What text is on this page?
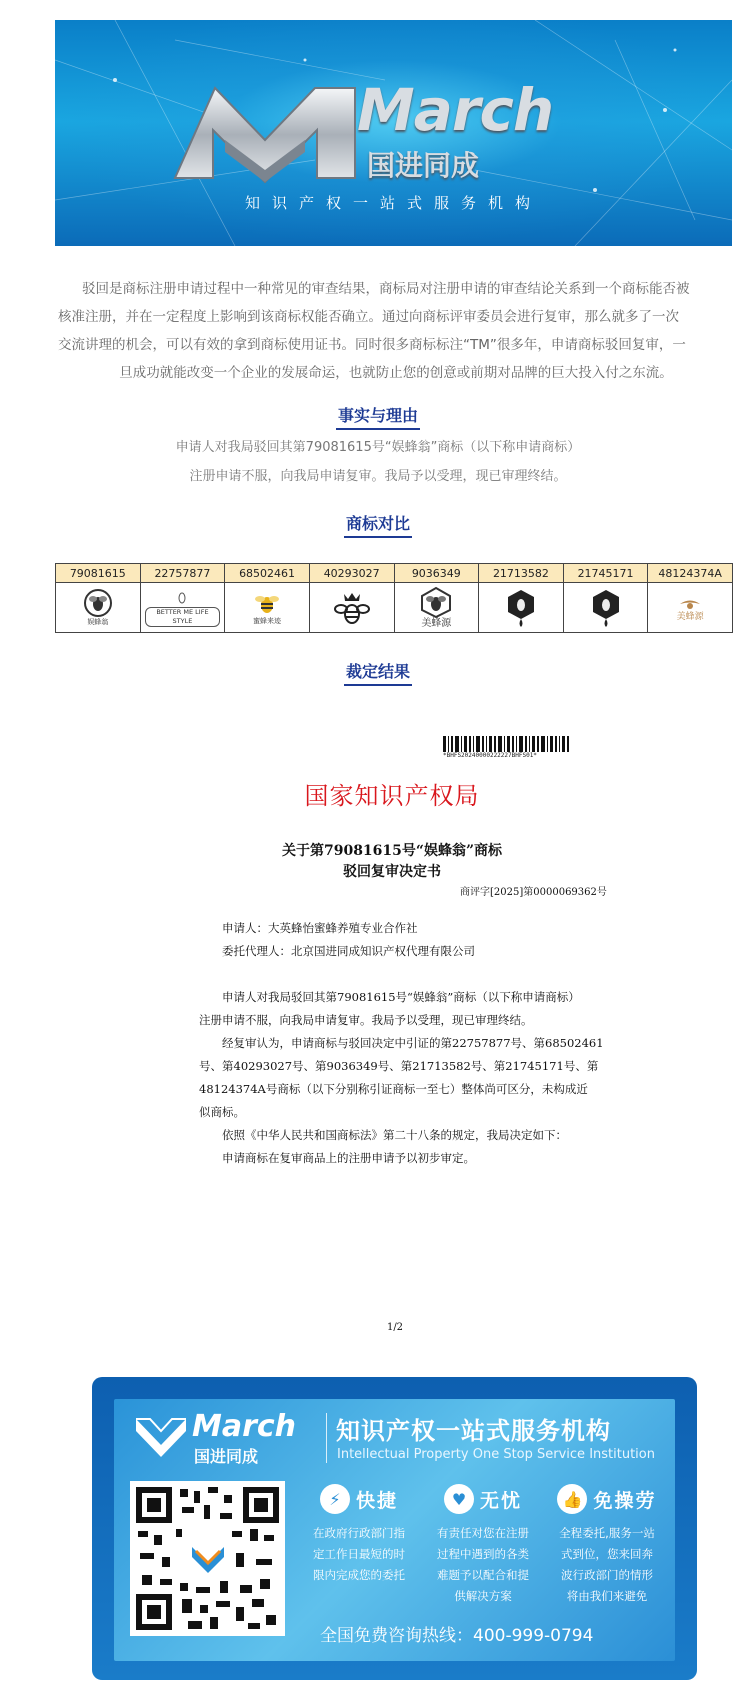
March
国进同成
知识产权一站式服务机构

驳回是商标注册申请过程中一种常见的审查结果，商标局对注册申请的审查结论关系到一个商标能否被

核准注册，并在一定程度上影响到该商标权能否确立。通过向商标评审委员会进行复审，那么就多了一次

交流讲理的机会，可以有效的拿到商标使用证书。同时很多商标标注“TM”很多年，申请商标驳回复审，一

旦成功就能改变一个企业的发展命运，也就防止您的创意或前期对品牌的巨大投入付之东流。

事实与理由
申请人对我局驳回其第79081615号“娱蜂翁”商标（以下称申请商标）
注册申请不服，向我局申请复审。我局予以受理，现已审理终结。
商标对比
79081615	22757877	68502461	40293027	9036349	21713582	21745171	48124374A

娱蜂翁	BETTER ME LIFE STYLE	蜜蜂来迹		美蜂源			美蜂源
裁定结果
*BHFS20240000222227BHFS01*
国家知识产权局
关于第79081615号“娱蜂翁”商标
驳回复审决定书
商评字[2025]第0000069362号
申请人：大英蜂怡蜜蜂养殖专业合作社
委托代理人：北京国进同成知识产权代理有限公司
申请人对我局驳回其第79081615号“娱蜂翁”商标（以下称申请商标）
注册申请不服，向我局申请复审。我局予以受理，现已审理终结。
经复审认为，申请商标与驳回决定中引证的第22757877号、第68502461
号、第40293027号、第9036349号、第21713582号、第21745171号、第
48124374A号商标（以下分别称引证商标一至七）整体尚可区分，未构成近
似商标。
依照《中华人民共和国商标法》第二十八条的规定，我局决定如下：
申请商标在复审商品上的注册申请予以初步审定。
1/2
March
国进同成
知识产权一站式服务机构
Intellectual Property One Stop Service Institution
⚡ 快捷
在政府行政部门指
定工作日最短的时
限内完成您的委托
♥ 无忧
有责任对您在注册
过程中遇到的各类
难题予以配合和提
供解决方案
👍 免操劳
全程委托,服务一站
式到位，您来回奔
波行政部门的情形
将由我们来避免
全国免费咨询热线：400-999-0794
